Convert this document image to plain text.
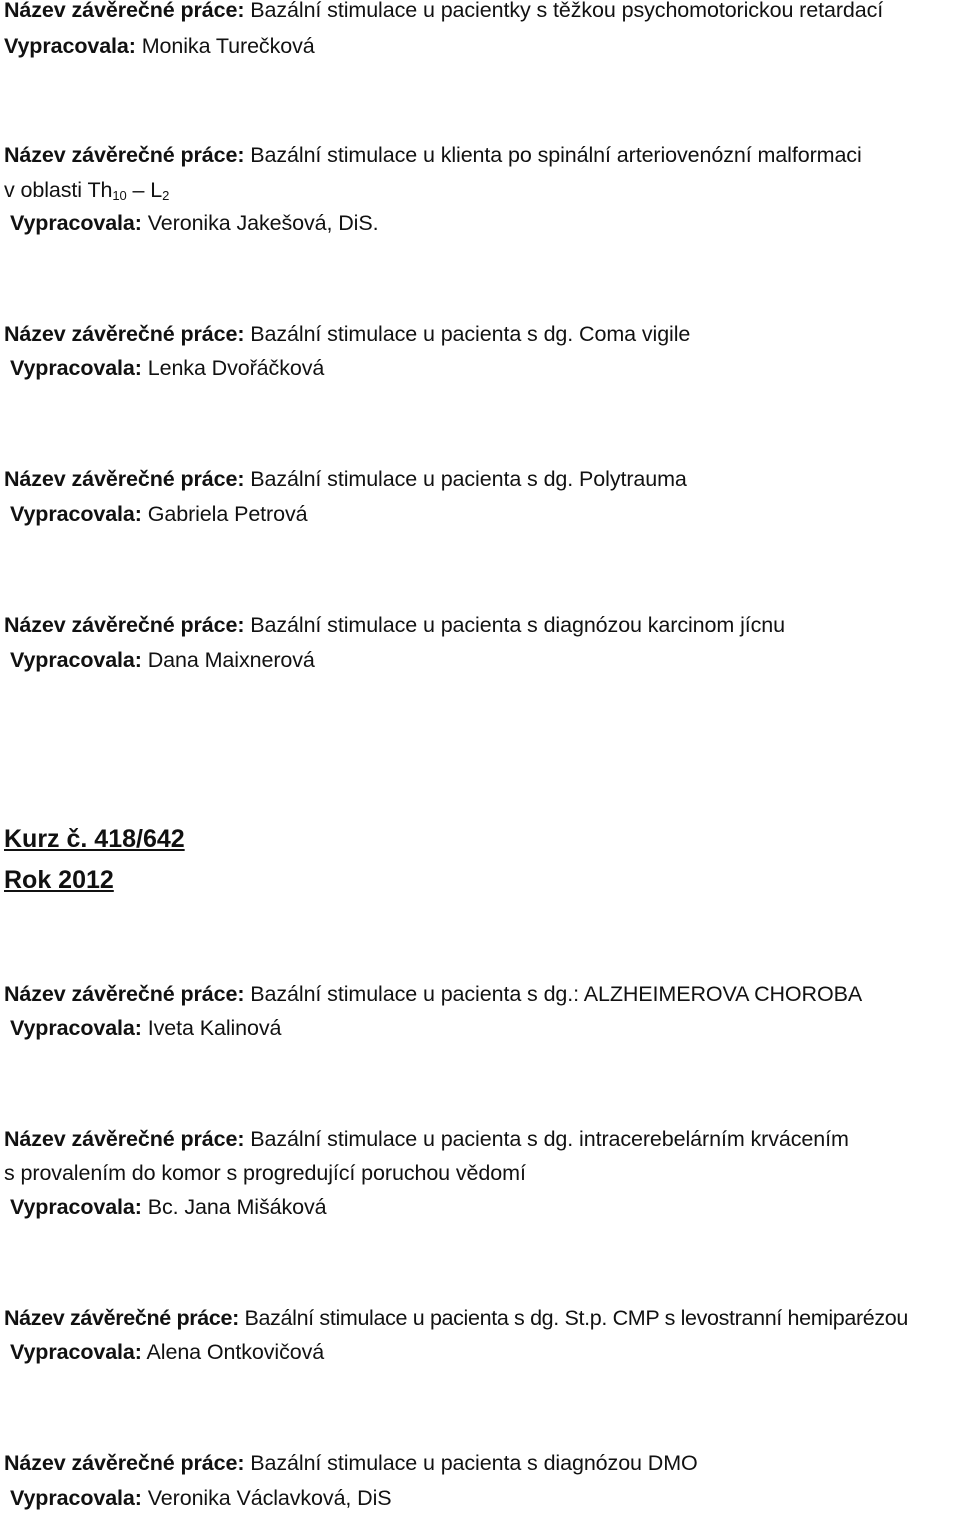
Název závěrečné práce: Bazální stimulace u pacientky s těžkou psychomotorickou retardací
Vypracovala: Monika Turečková
Název závěrečné práce: Bazální stimulace u klienta po spinální arteriovenózní malformaci
v oblasti $Th_{10} - L_2$
Vypracovala: Veronika Jakešová, DiS.
Název závěrečné práce: Bazální stimulace u pacienta s dg. Coma vigile
Vypracovala: Lenka Dvořáčková
Název závěrečné práce: Bazální stimulace u pacienta s dg. Polytrauma
Vypracovala: Gabriela Petrová
Název závěrečné práce: Bazální stimulace u pacienta s diagnózou karcinom jícnu
Vypracovala: Dana Maixnerová
Kurz č. 418/642
Rok 2012
Název závěrečné práce: Bazální stimulace u pacienta s dg.: ALZHEIMEROVA CHOROBA
Vypracovala: Iveta Kalinová
Název závěrečné práce: Bazální stimulace u pacienta s dg. intracerebelárním krvácením
s provalením do komor s progredující poruchou vědomí
Vypracovala: Bc. Jana Mišáková
Název závěrečné práce: Bazální stimulace u pacienta s dg. St.p. CMP s levostranní hemiparézou
Vypracovala: Alena Ontkovičová
Název závěrečné práce: Bazální stimulace u pacienta s diagnózou DMO
Vypracovala: Veronika Václavková, DiS
